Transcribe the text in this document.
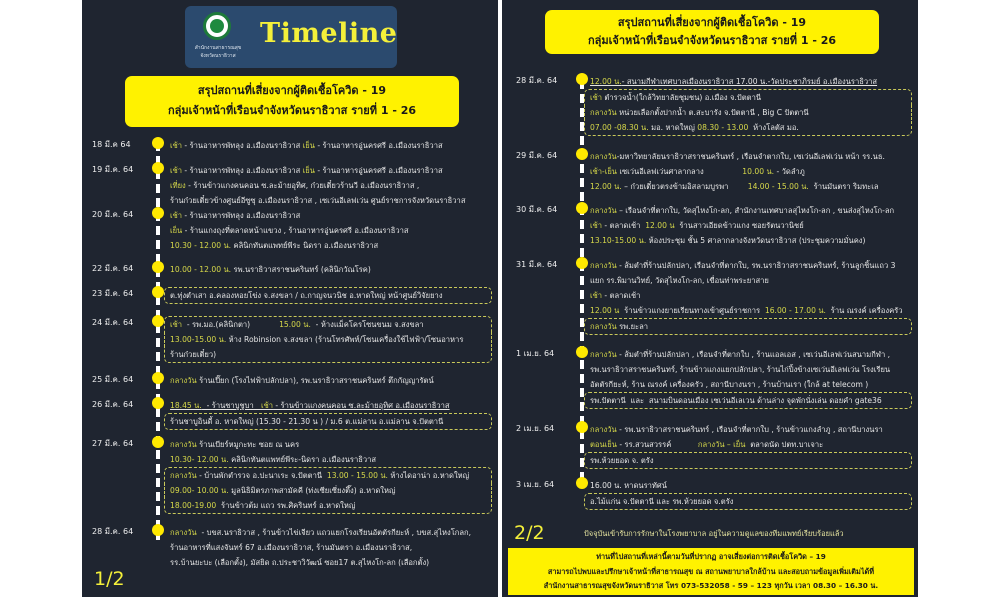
สำนักงานสาธารณสุข
จังหวัดนราธิวาส
Timeline
สรุปสถานที่เสี่ยงจากผู้ติดเชื้อโควิด - 19
กลุ่มเจ้าหน้าที่เรือนจำจังหวัดนราธิวาส รายที่ 1 - 26
18 มี.ค 64	เช้า - ร้านอาหารพัทลุง อ.เมืองนราธิวาส เย็น - ร้านอาหารอู่นครศรี อ.เมืองนราธิวาส
19 มี.ค. 64	เช้า - ร้านอาหารพัทลุง อ.เมืองนราธิวาส เย็น - ร้านอาหารอู่นครศรี อ.เมืองนราธิวาส
เที่ยง - ร้านข้าวแกงคนคอน ซ.ละม้ายอุทิศ, ก๋วยเตี๋ยวร้านวี อ.เมืองนราธิวาส ,
ร้านก๋วยเตี๋ยวข้างศูนย์อีซูซุ อ.เมืองนราธิวาส , เซเว่นอีเลฟเว่น ศูนย์ราชการจังหวัดนราธิวาส
20 มี.ค. 64	เช้า - ร้านอาหารพัทลุง อ.เมืองนราธิวาส
เย็น - ร้านแกงถุงที่ตลาดหน้าแขวง , ร้านอาหารอู่นครศรี อ.เมืองนราธิวาส
10.30 - 12.00 น. คลินิกทันตแพทย์พีระ นิดรา อ.เมืองนราธิวาส
22 มี.ค. 64	10.00 - 12.00 น. รพ.นราธิวาสราชนครินทร์ (คลินิกวัณโรค)
23 มี.ค. 64	ต.ทุ่งตำเสา อ.คลองหอยโข่ง จ.สงขลา / ถ.กาญจนวนิช อ.หาดใหญ่ หน้าศูนย์วิจัยยาง
24 มี.ค. 64	เช้า  - รพ.มอ.(คลินิกตา)            15.00 น.  - ห้างแม็คโครโซนขนม จ.สงขลา
13.00-15.00 น. ห้าง Robinsion จ.สงขลา (ร้านโทรศัพท์/โซนเครื่องใช้ไฟฟ้า/โซนอาหาร
ร้านก๋วยเตี๋ยว)
25 มี.ค. 64	กลางวัน ร้านเปี๊ยก (โรงไฟฟ้าปลักปลา), รพ.นราธิวาสราชนครินทร์ ตึกกัญญารัตน์
26 มี.ค. 64	18.45 น.  - ร้านชาบูชูบา   เช้า - ร้านข้าวแกงคนคอน ซ.ละม้ายอุทิศ อ.เมืองนราธิวาส
ร้านชาบูอินดี้ อ. หาดใหญ่ (15.30 - 21.30 น ) / ม.6 ต.แม่ลาน อ.แม่ลาน จ.ปัตตานี
27 มี.ค. 64	กลางวัน ร้านเบียร์หมูกะทะ ซอย ณ นคร
10.30- 12.00 น. คลินิกทันตแพทย์พีระ-นิดรา อ.เมืองนราธิวาส
กลางวัน - บ้านพักตำรวจ อ.ปะนาเระ จ.ปัตตานี  13.00 - 15.00 น. ห้างไดอาน่า อ.หาดใหญ่
09.00- 10.00 น. มูลนิธิมิตรภาพสามัคคี (ท่งเซียเซี่ยงตึ๊ง) อ.หาดใหญ่
18.00-19.00  ร้านข้าวต้ม แถว รพ.ศิครินทร์ อ.หาดใหญ่
28 มี.ค. 64	กลางวัน  - บขส.นราธิวาส , ร้านข้าวไข่เจียว แถวแยกโรงเรียนอัตตัรกียะห์ , บขส.สุไหงโกลก,
ร้านอาหารที่แสงจันทร์ 67 อ.เมืองนราธิวาส, ร้านมันตรา อ.เมืองนราธิวาส,
รร.บ้านยะบะ (เลือกตั้ง), มัสยิด ถ.ประชาวิวัฒน์ ซอย17 ต.สุไหงโก-ลก (เลือกตั้ง)
1/2
สรุปสถานที่เสี่ยงจากผู้ติดเชื้อโควิด - 19
กลุ่มเจ้าหน้าที่เรือนจำจังหวัดนราธิวาส รายที่ 1 - 26
28 มี.ค. 64	12.00 น.- สนามกีฬาเทศบาลเมืองนราธิวาส 17.00 น.-วัดประชาภิรมย์ อ.เมืองนราธิวาส
เช้า ตำรวจน้ำ(ใกล้วิทยาลัยชุมชน) อ.เมือง จ.ปัตตานี
กลางวัน หน่วยเลือกตั้งปากน้ำ ต.สะบารัง จ.ปัตตานี , Big C ปัตตานี
07.00 -08.30 น. มอ. หาดใหญ่ 08.30 - 13.00  ห้างโลตัส มอ.
29 มี.ค. 64	กลางวัน-มหาวิทยาลัยนราธิวาสราชนครินทร์ , เรือนจำตากใบ, เซเว่นอีเลฟเว่น หน้า รร.นธ.
เช้า-เย็น เซเว่นอีเลฟเว่นศาลากลาง                10.00 น. - วัดลำภู
12.00 น. – ก๋วยเตี๋ยวตรงข้ามอิสลามบูรพา        14.00 - 15.00 น.  ร้านมันตรา ริมทะเล
30 มี.ค. 64	กลางวัน – เรือนจำที่ตากใบ, วัดสุไหงโก-ลก, สำนักงานเทศบาลสุไหงโก-ลก , ขนส่งสุไหงโก-ลก
เช้า - ตลาดเช้า  12.00 น  ร้านสาวเอียดข้าวแกง ซอยรัตนวานิชย์
13.10-15.00 น. ห้องประชุม ชั้น 5 ศาลากลางจังหวัดนราธิวาส (ประชุมความมั่นคง)
31 มี.ค. 64	กลางวัน - ส้มตำที่ร้านปลักปลา, เรือนจำที่ตากใบ, รพ.นราธิวาสราชนครินทร์, ร้านลูกชิ้นแถว 3
แยก รร.พิมานวิทย์, วัดสุไหงโก-ลก, เขื่อนท่าพระยาสาย
เช้า - ตลาดเช้า
12.00 น  ร้านข้าวแกงยายเรียนทางเข้าศูนย์ราชการ  16.00 - 17.00 น.  ร้าน ณรงค์ เครื่องครัว
กลางวัน รพ.ยะลา
1 เม.ย. 64	กลางวัน - ส้มตำที่ร้านปลักปลา , เรือนจำที่ตากใบ , ร้านแอลเอส , เซเว่นอีเลฟเว่นสนามกีฬา ,
รพ.นราธิวาสราชนครินทร์, ร้านข้าวแกงแยกปลักปลา, ร้านไก่ปิ้งข้างเซเว่นอีเลฟเว่น โรงเรียน
อัตตัรกียะห์, ร้าน ณรงค์ เครื่องครัว , สถานีบางนรา , ร้านบ้านเรา (ใกล้ at telecom )
รพ.ปัตตานี  และ  สนามบินดอนเมือง เซเว่นอีเลเวน ด้านล่าง จุดพักนั่งเล่น ดอยคำ gate36
2 เม.ย. 64	กลางวัน - รพ.นราธิวาสราชนครินทร์ , เรือนจำที่ตากใบ , ร้านข้าวแกงลำภู , สถานีบางนรา
ตอนเย็น - รร.สวนสวรรค์           กลางวัน – เย็น  ตลาดนัด ปตท.บาเจาะ
รพ.ห้วยยอด จ. ตรัง
3 เม.ย. 64	16.00 น. หาดนราทัศน์
อ.ไม้แก่น จ.ปัตตานี และ รพ.ห้วยยอด จ.ตรัง
2/2	ปัจจุบันเข้ารับการรักษาในโรงพยาบาล อยู่ในความดูแลของทีมแพทย์เรียบร้อยแล้ว
ท่านที่ไปสถานที่เหล่านี้ตามวันที่ปรากฏ อาจเสี่ยงต่อการติดเชื้อโควิด – 19
สามารถไปพบและปรึกษาเจ้าหน้าที่สาธารณสุข ณ สถานพยาบาลใกล้บ้าน และสอบถามข้อมูลเพิ่มเติมได้ที่
สำนักงานสาธารณสุขจังหวัดนราธิวาส โทร 073-532058 - 59 – 123 ทุกวัน เวลา 08.30 – 16.30 น.
